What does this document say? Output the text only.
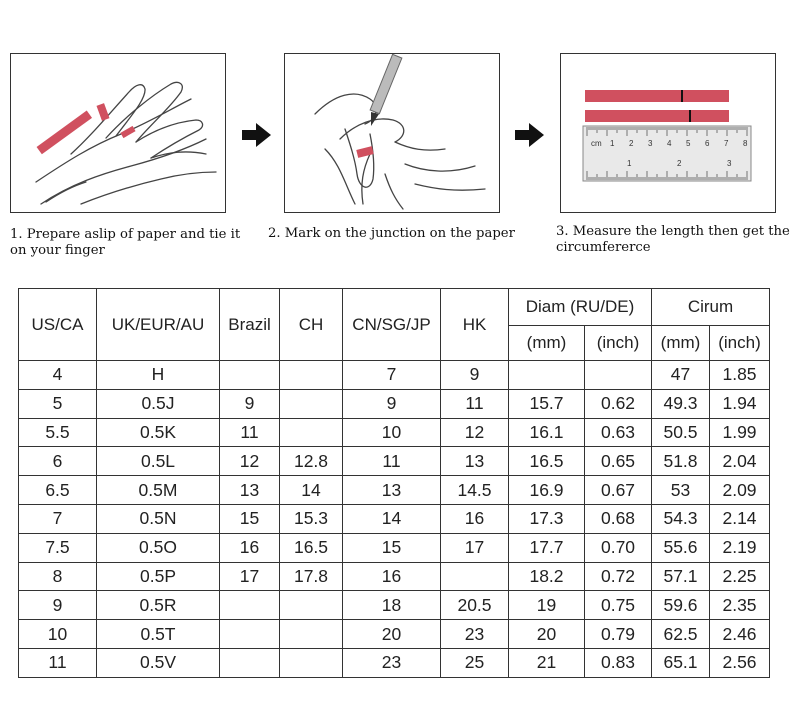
cm 1 2 3 4 5 6 7 8
1	2	3
1. Prepare aslip of paper and tie it on your finger
2. Mark on the junction on the paper	3. Measure the length then get the circumfererce
US/CA	UK/EUR/AU	Brazil	CH	CN/SG/JP	HK	Diam (RU/DE)		Cirum	
						(mm)	(inch)	(mm)	(inch)
4	H			7	9			47	1.85
5	0.5J	9		9	11	15.7	0.62	49.3	1.94
5.5	0.5K	11		10	12	16.1	0.63	50.5	1.99
6	0.5L	12	12.8	11	13	16.5	0.65	51.8	2.04
6.5	0.5M	13	14	13	14.5	16.9	0.67	53	2.09
7	0.5N	15	15.3	14	16	17.3	0.68	54.3	2.14
7.5	0.5O	16	16.5	15	17	17.7	0.70	55.6	2.19
8	0.5P	17	17.8	16		18.2	0.72	57.1	2.25
9	0.5R			18	20.5	19	0.75	59.6	2.35
10	0.5T			20	23	20	0.79	62.5	2.46
11	0.5V			23	25	21	0.83	65.1	2.56
